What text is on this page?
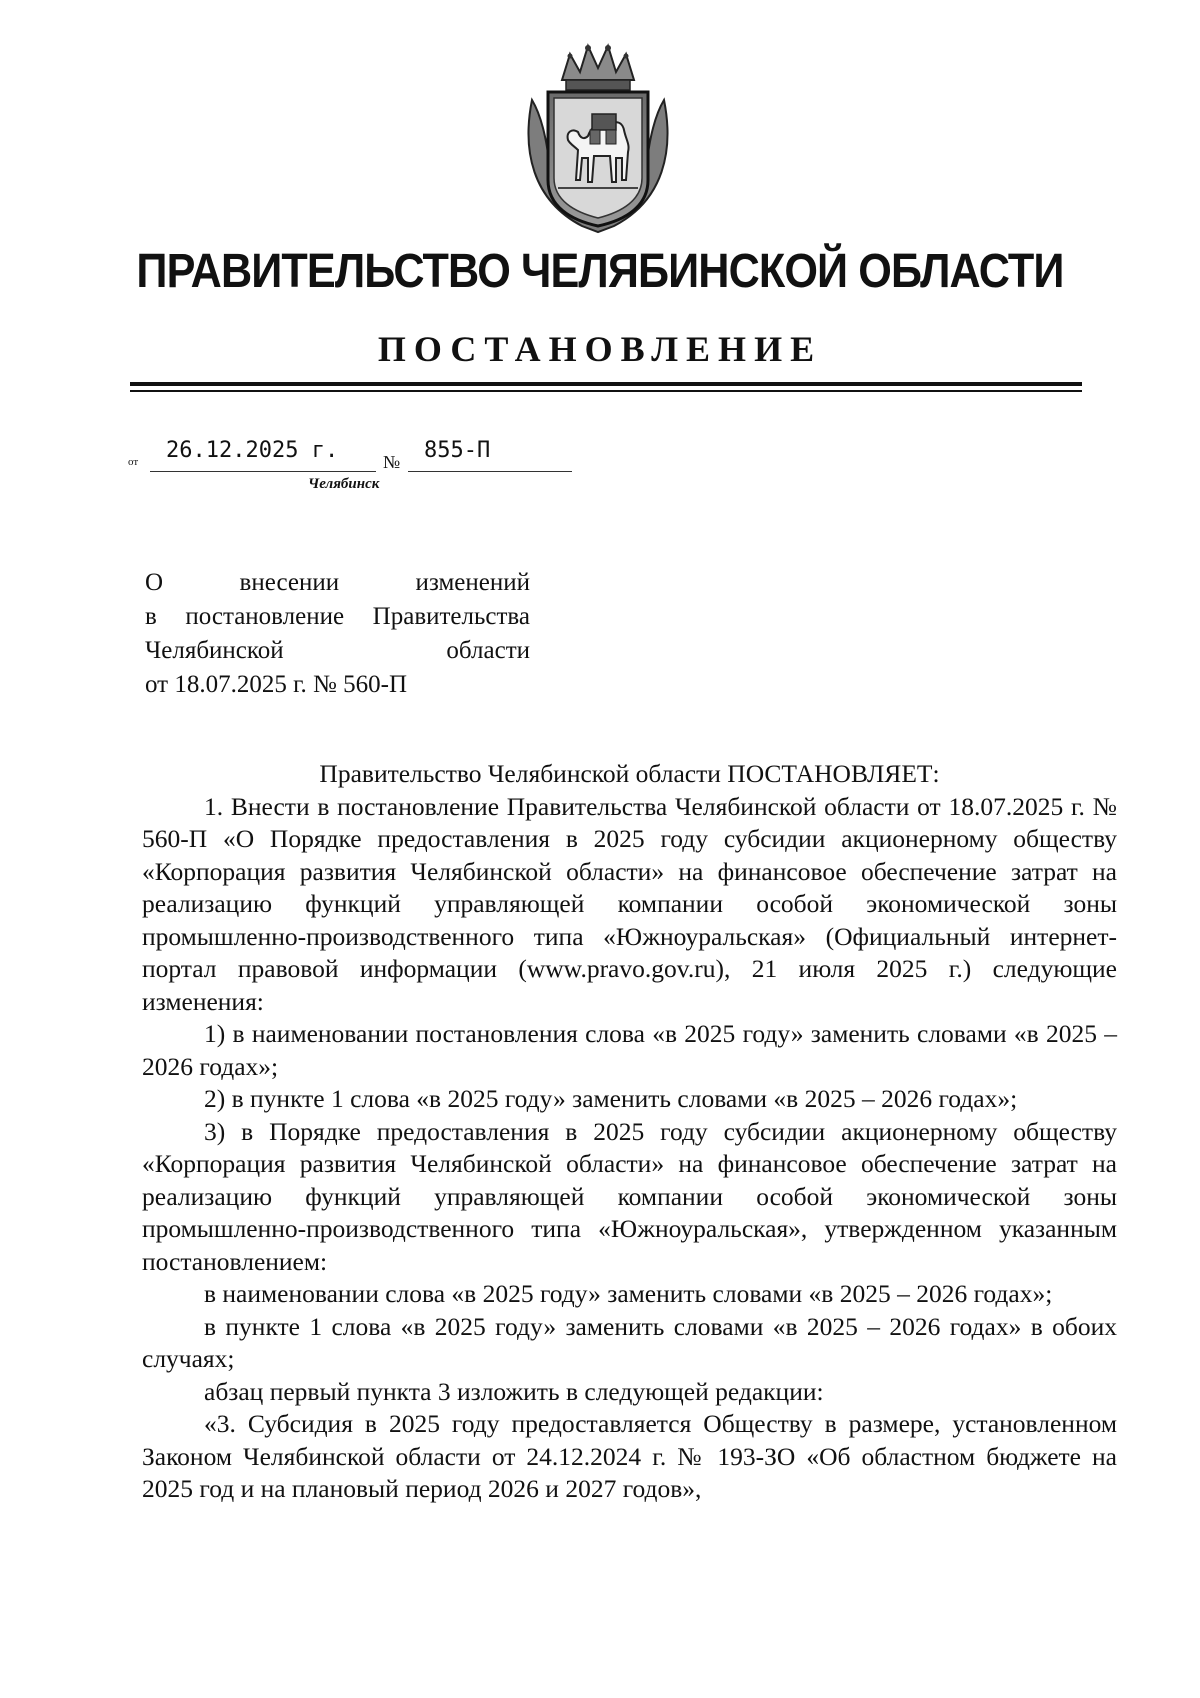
ПРАВИТЕЛЬСТВО ЧЕЛЯБИНСКОЙ ОБЛАСТИ
ПОСТАНОВЛЕНИЕ
от	26.12.2025 г.	№	855-П
Челябинск
О внесении изменений
в постановление Правительства
Челябинской области
от 18.07.2025 г. № 560-П

Правительство Челябинской области ПОСТАНОВЛЯЕТ:

1. Внести в постановление Правительства Челябинской области от 18.07.2025 г. № 560-П «О Порядке предоставления в 2025 году субсидии акционерному обществу «Корпорация развития Челябинской области» на финансовое обеспечение затрат на реализацию функций управляющей компании особой экономической зоны промышленно-производственного типа «Южноуральская» (Официальный интернет-портал правовой информации (www.pravo.gov.ru), 21 июля 2025 г.) следующие изменения:

1) в наименовании постановления слова «в 2025 году» заменить словами «в 2025 – 2026 годах»;

2) в пункте 1 слова «в 2025 году» заменить словами «в 2025 – 2026 годах»;

3) в Порядке предоставления в 2025 году субсидии акционерному обществу «Корпорация развития Челябинской области» на финансовое обеспечение затрат на реализацию функций управляющей компании особой экономической зоны промышленно-производственного типа «Южноуральская», утвержденном указанным постановлением:

в наименовании слова «в 2025 году» заменить словами «в 2025 – 2026 годах»;

в пункте 1 слова «в 2025 году» заменить словами «в 2025 – 2026 годах» в обоих случаях;

абзац первый пункта 3 изложить в следующей редакции:

«3. Субсидия в 2025 году предоставляется Обществу в размере, установленном Законом Челябинской области от 24.12.2024 г. № 193-ЗО «Об областном бюджете на 2025 год и на плановый период 2026 и 2027 годов»,
